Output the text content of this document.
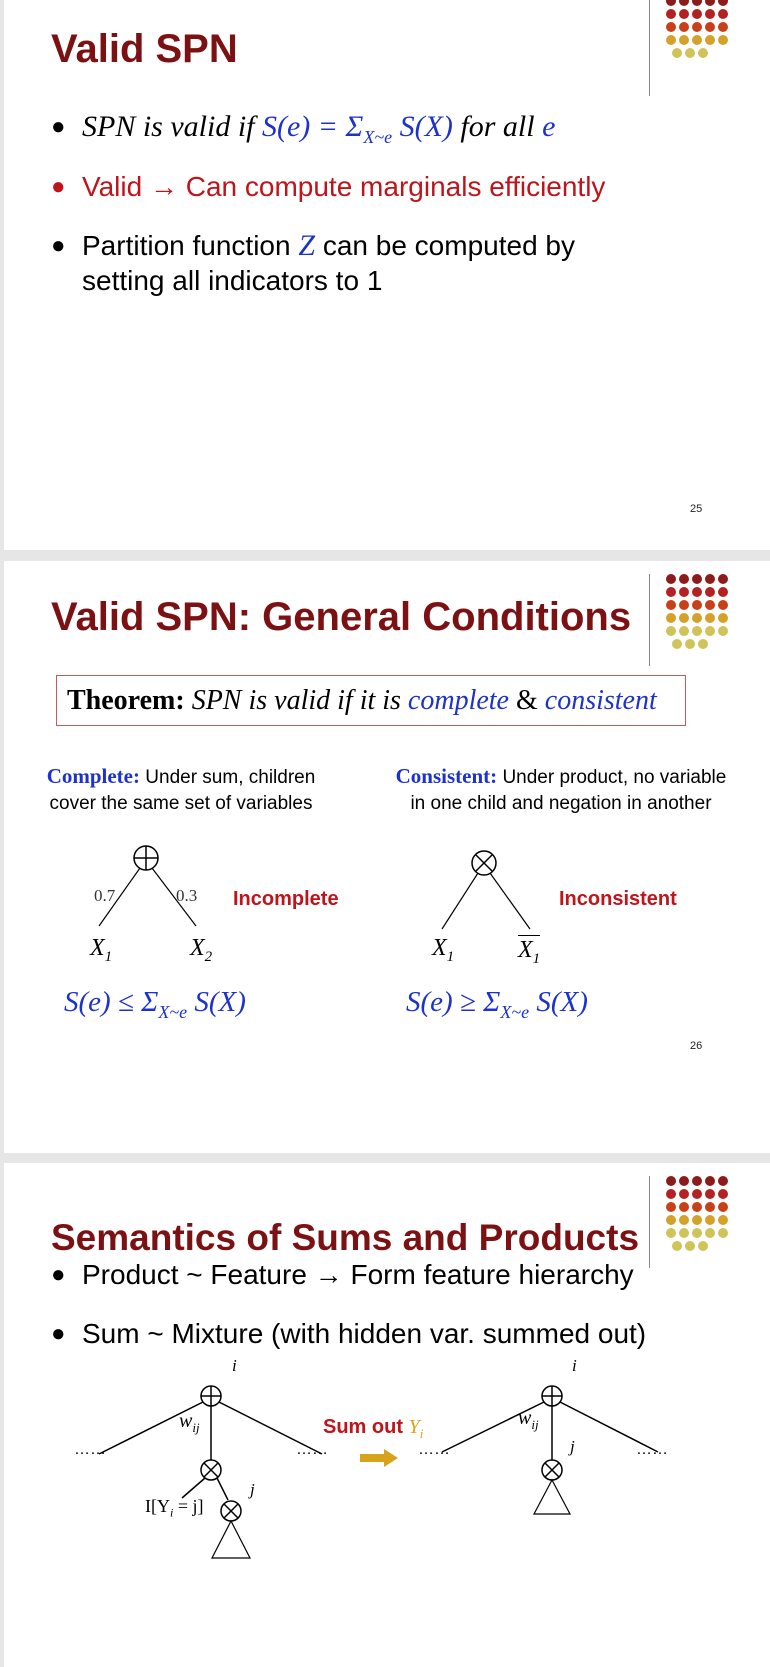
Valid SPN
● SPN is valid if $S(e) = \Sigma_{X\sim e}$ S(X) for all e
● Valid → Can compute marginals efficiently
● Partition function Z can be computed by
setting all indicators to 1
25
Valid SPN: General Conditions
Theorem: SPN is valid if it is complete & consistent
Complete: Under sum, children
cover the same set of variables
Consistent: Under product, no variable
in one child and negation in another
0.7	0.3 Incomplete
$X_1$	$X_2$
Inconsistent
$X_1$	$X_1$
$S(e) \le \Sigma_{X\sim e}$ S(X)	$S(e) \ge \Sigma_{X\sim e}$ S(X)
26
Semantics of Sums and Products
● Product ~ Feature → Form feature hierarchy
● Sum ~ Mixture (with hidden var. summed out)
i
$w_{ij}$
……	……
j
$I[Y_i = j]$
Sum out $Y_i$
i
$w_{ij}$
j
……	……
